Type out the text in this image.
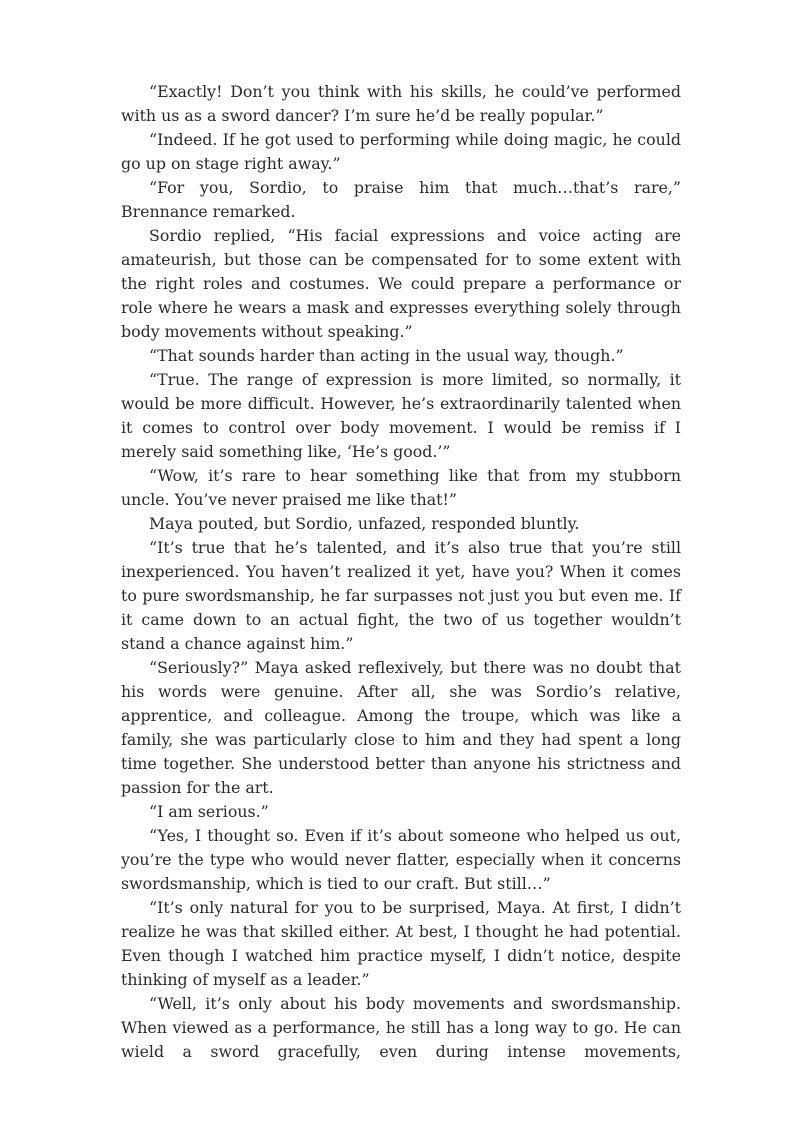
“Exactly! Don’t you think with his skills, he could’ve performed with us as a sword dancer? I’m sure he’d be really popular.”

“Indeed. If he got used to performing while doing magic, he could go up on stage right away.”

“For you, Sordio, to praise him that much…that’s rare,” Brennance remarked.

Sordio replied, “His facial expressions and voice acting are amateurish, but those can be compensated for to some extent with the right roles and costumes. We could prepare a performance or role where he wears a mask and expresses everything solely through body movements without speaking.”

“That sounds harder than acting in the usual way, though.”

“True. The range of expression is more limited, so normally, it would be more difficult. However, he’s extraordinarily talented when it comes to control over body movement. I would be remiss if I merely said something like, ‘He’s good.’”

“Wow, it’s rare to hear something like that from my stubborn uncle. You’ve never praised me like that!”

Maya pouted, but Sordio, unfazed, responded bluntly.

“It’s true that he’s talented, and it’s also true that you’re still inexperienced. You haven’t realized it yet, have you? When it comes to pure swordsmanship, he far surpasses not just you but even me. If it came down to an actual fight, the two of us together wouldn’t stand a chance against him.”

“Seriously?” Maya asked reflexively, but there was no doubt that his words were genuine. After all, she was Sordio’s relative, apprentice, and colleague. Among the troupe, which was like a family, she was particularly close to him and they had spent a long time together. She understood better than anyone his strictness and passion for the art.

“I am serious.”

“Yes, I thought so. Even if it’s about someone who helped us out, you’re the type who would never flatter, especially when it concerns swordsmanship, which is tied to our craft. But still…”

“It’s only natural for you to be surprised, Maya. At first, I didn’t realize he was that skilled either. At best, I thought he had potential. Even though I watched him practice myself, I didn’t notice, despite thinking of myself as a leader.”

“Well, it’s only about his body movements and swordsmanship. When viewed as a performance, he still has a long way to go. He can wield a sword gracefully, even during intense movements,
